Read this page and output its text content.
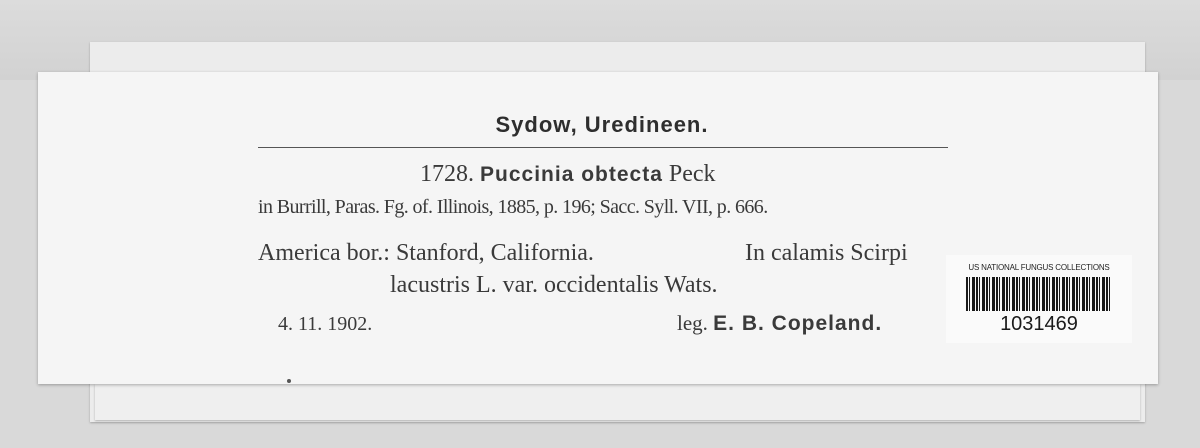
Sydow, Uredineen.
1728. Puccinia obtecta Peck
in Burrill, Paras. Fg. of. Illinois, 1885, p. 196; Sacc. Syll. VII, p. 666.
America bor.: Stanford, California.	In calamis Scirpi
lacustris L. var. occidentalis Wats.
4. 11. 1902.	leg. E. B. Copeland.
US NATIONAL FUNGUS COLLECTIONS
1031469
